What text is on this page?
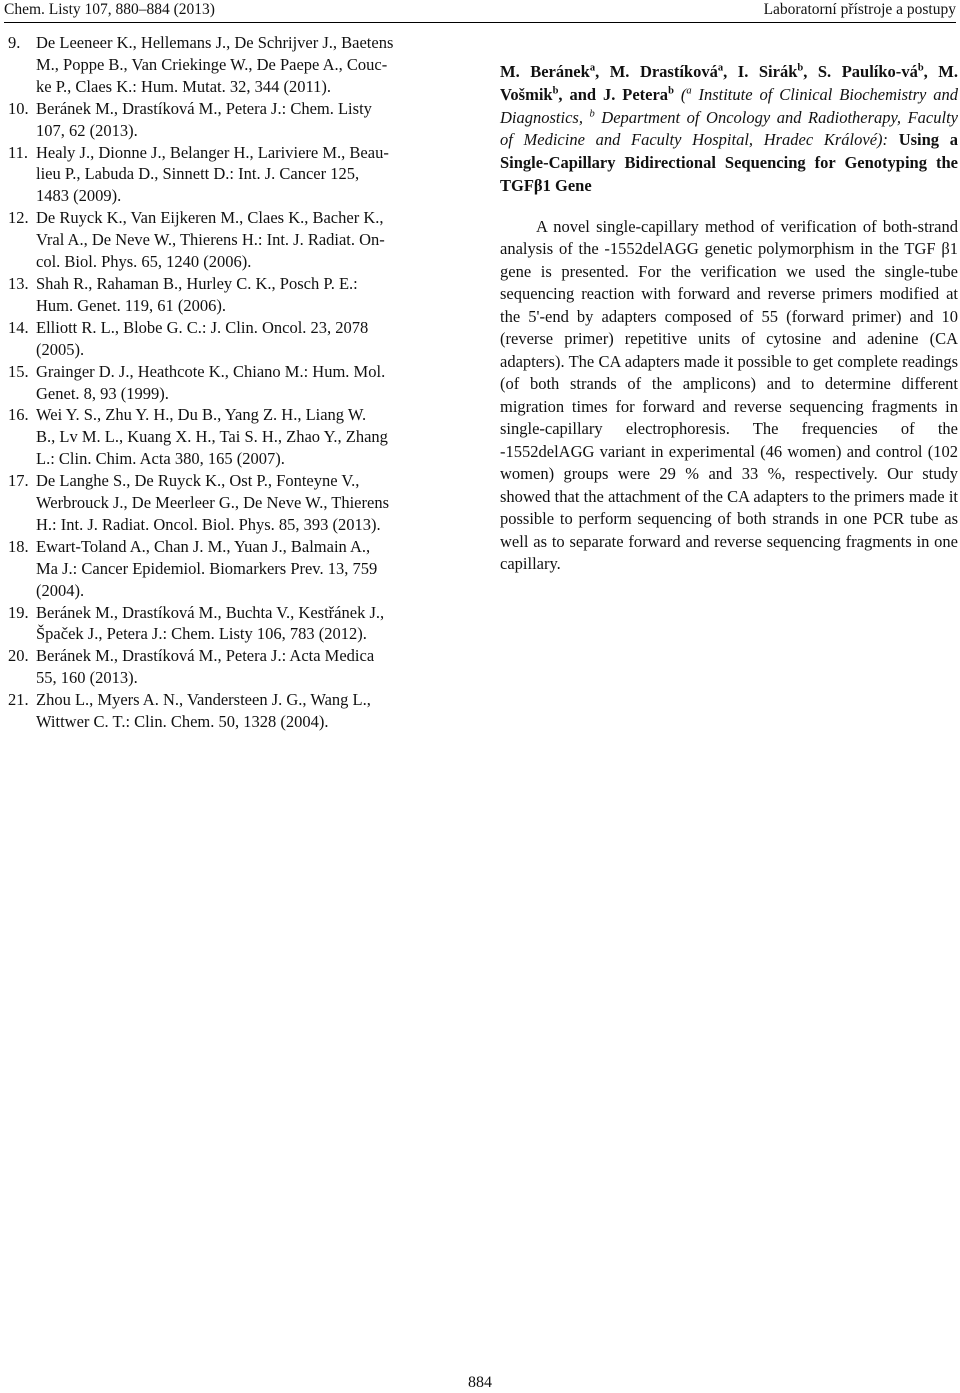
Chem. Listy 107, 880–884 (2013)	Laboratorní přístroje a postupy
9. De Leeneer K., Hellemans J., De Schrijver J., Baetens
M., Poppe B., Van Criekinge W., De Paepe A., Couc-
ke P., Claes K.: Hum. Mutat. 32, 344 (2011).
10. Beránek M., Drastíková M., Petera J.: Chem. Listy
107, 62 (2013).
11. Healy J., Dionne J., Belanger H., Lariviere M., Beau-
lieu P., Labuda D., Sinnett D.: Int. J. Cancer 125,
1483 (2009).
12. De Ruyck K., Van Eijkeren M., Claes K., Bacher K.,
Vral A., De Neve W., Thierens H.: Int. J. Radiat. On-
col. Biol. Phys. 65, 1240 (2006).
13. Shah R., Rahaman B., Hurley C. K., Posch P. E.:
Hum. Genet. 119, 61 (2006).
14. Elliott R. L., Blobe G. C.: J. Clin. Oncol. 23, 2078
(2005).
15. Grainger D. J., Heathcote K., Chiano M.: Hum. Mol.
Genet. 8, 93 (1999).
16. Wei Y. S., Zhu Y. H., Du B., Yang Z. H., Liang W.
B., Lv M. L., Kuang X. H., Tai S. H., Zhao Y., Zhang
L.: Clin. Chim. Acta 380, 165 (2007).
17. De Langhe S., De Ruyck K., Ost P., Fonteyne V.,
Werbrouck J., De Meerleer G., De Neve W., Thierens
H.: Int. J. Radiat. Oncol. Biol. Phys. 85, 393 (2013).
18. Ewart-Toland A., Chan J. M., Yuan J., Balmain A.,
Ma J.: Cancer Epidemiol. Biomarkers Prev. 13, 759
(2004).
19. Beránek M., Drastíková M., Buchta V., Kestřánek J.,
Špaček J., Petera J.: Chem. Listy 106, 783 (2012).
20. Beránek M., Drastíková M., Petera J.: Acta Medica
55, 160 (2013).
21. Zhou L., Myers A. N., Vandersteen J. G., Wang L.,
Wittwer C. T.: Clin. Chem. 50, 1328 (2004).
M. Beránek$^a$, M. Drastíková$^a$, I. Sirák$^b$, S. Paulíko-$vá^b$, M. Vošmik$^b$, and J. Petera$^b$ ($^a$ Institute of Clinical Biochemistry and Diagnostics, $^b$ Department of Oncology and Radiotherapy, Faculty of Medicine and Faculty Hospital, Hradec Králové): Using a Single-Capillary Bidirectional Sequencing for Genotyping the TGFβ1 Gene
A novel single-capillary method of verification of both-strand analysis of the -1552delAGG genetic polymorphism in the TGF β1 gene is presented. For the verification we used the single-tube sequencing reaction with forward and reverse primers modified at the 5'-end by adapters composed of 55 (forward primer) and 10 (reverse primer) repetitive units of cytosine and adenine (CA adapters). The CA adapters made it possible to get complete readings (of both strands of the amplicons) and to determine different migration times for forward and reverse sequencing fragments in single-capillary electrophoresis. The frequencies of the -1552delAGG variant in experimental (46 women) and control (102 women) groups were 29 % and 33 %, respectively. Our study showed that the attachment of the CA adapters to the primers made it possible to perform sequencing of both strands in one PCR tube as well as to separate forward and reverse sequencing fragments in one capillary.
884
